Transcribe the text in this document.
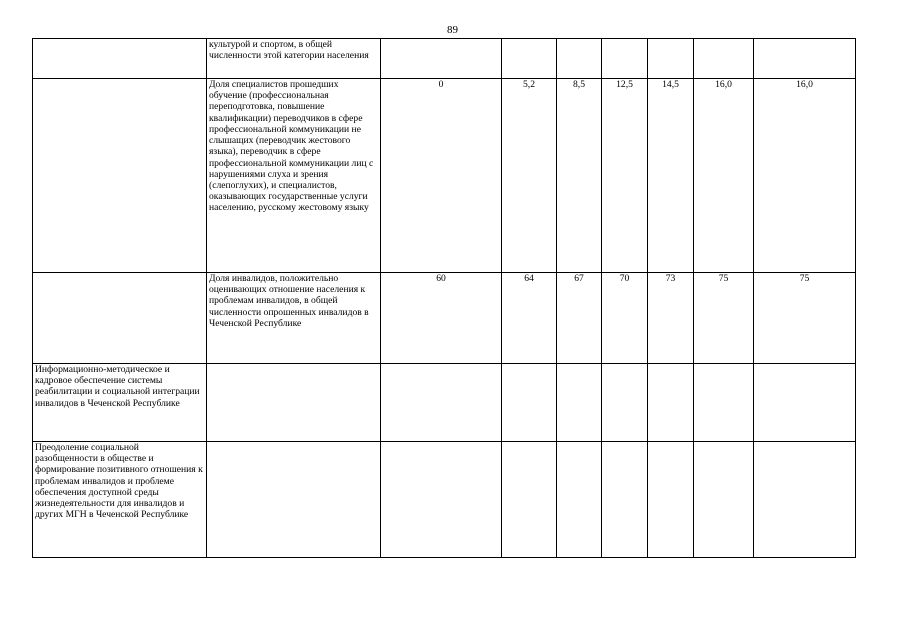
89
	культурой и спортом, в общей численности этой категории населения							
	Доля специалистов прошедших обучение (профессиональная переподготовка, повышение квалификации) переводчиков в сфере профессиональной коммуникации не слышащих (переводчик жестового языка), переводчик в сфере профессиональной коммуникации лиц с нарушениями слуха и зрения (слепоглухих), и специалистов, оказывающих государственные услуги населению, русскому жестовому языку	0	5,2	8,5	12,5	14,5	16,0	16,0
	Доля инвалидов, положительно оценивающих отношение населения к проблемам инвалидов, в общей численности опрошенных инвалидов в Чеченской Республике	60	64	67	70	73	75	75
Информационно-методическое и кадровое обеспечение системы реабилитации и социальной интеграции инвалидов в Чеченской Республике								
Преодоление социальной разобщенности в обществе и формирование позитивного отношения к проблемам инвалидов и проблеме обеспечения доступной среды жизнедеятельности для инвалидов и других МГН в Чеченской Республике								
